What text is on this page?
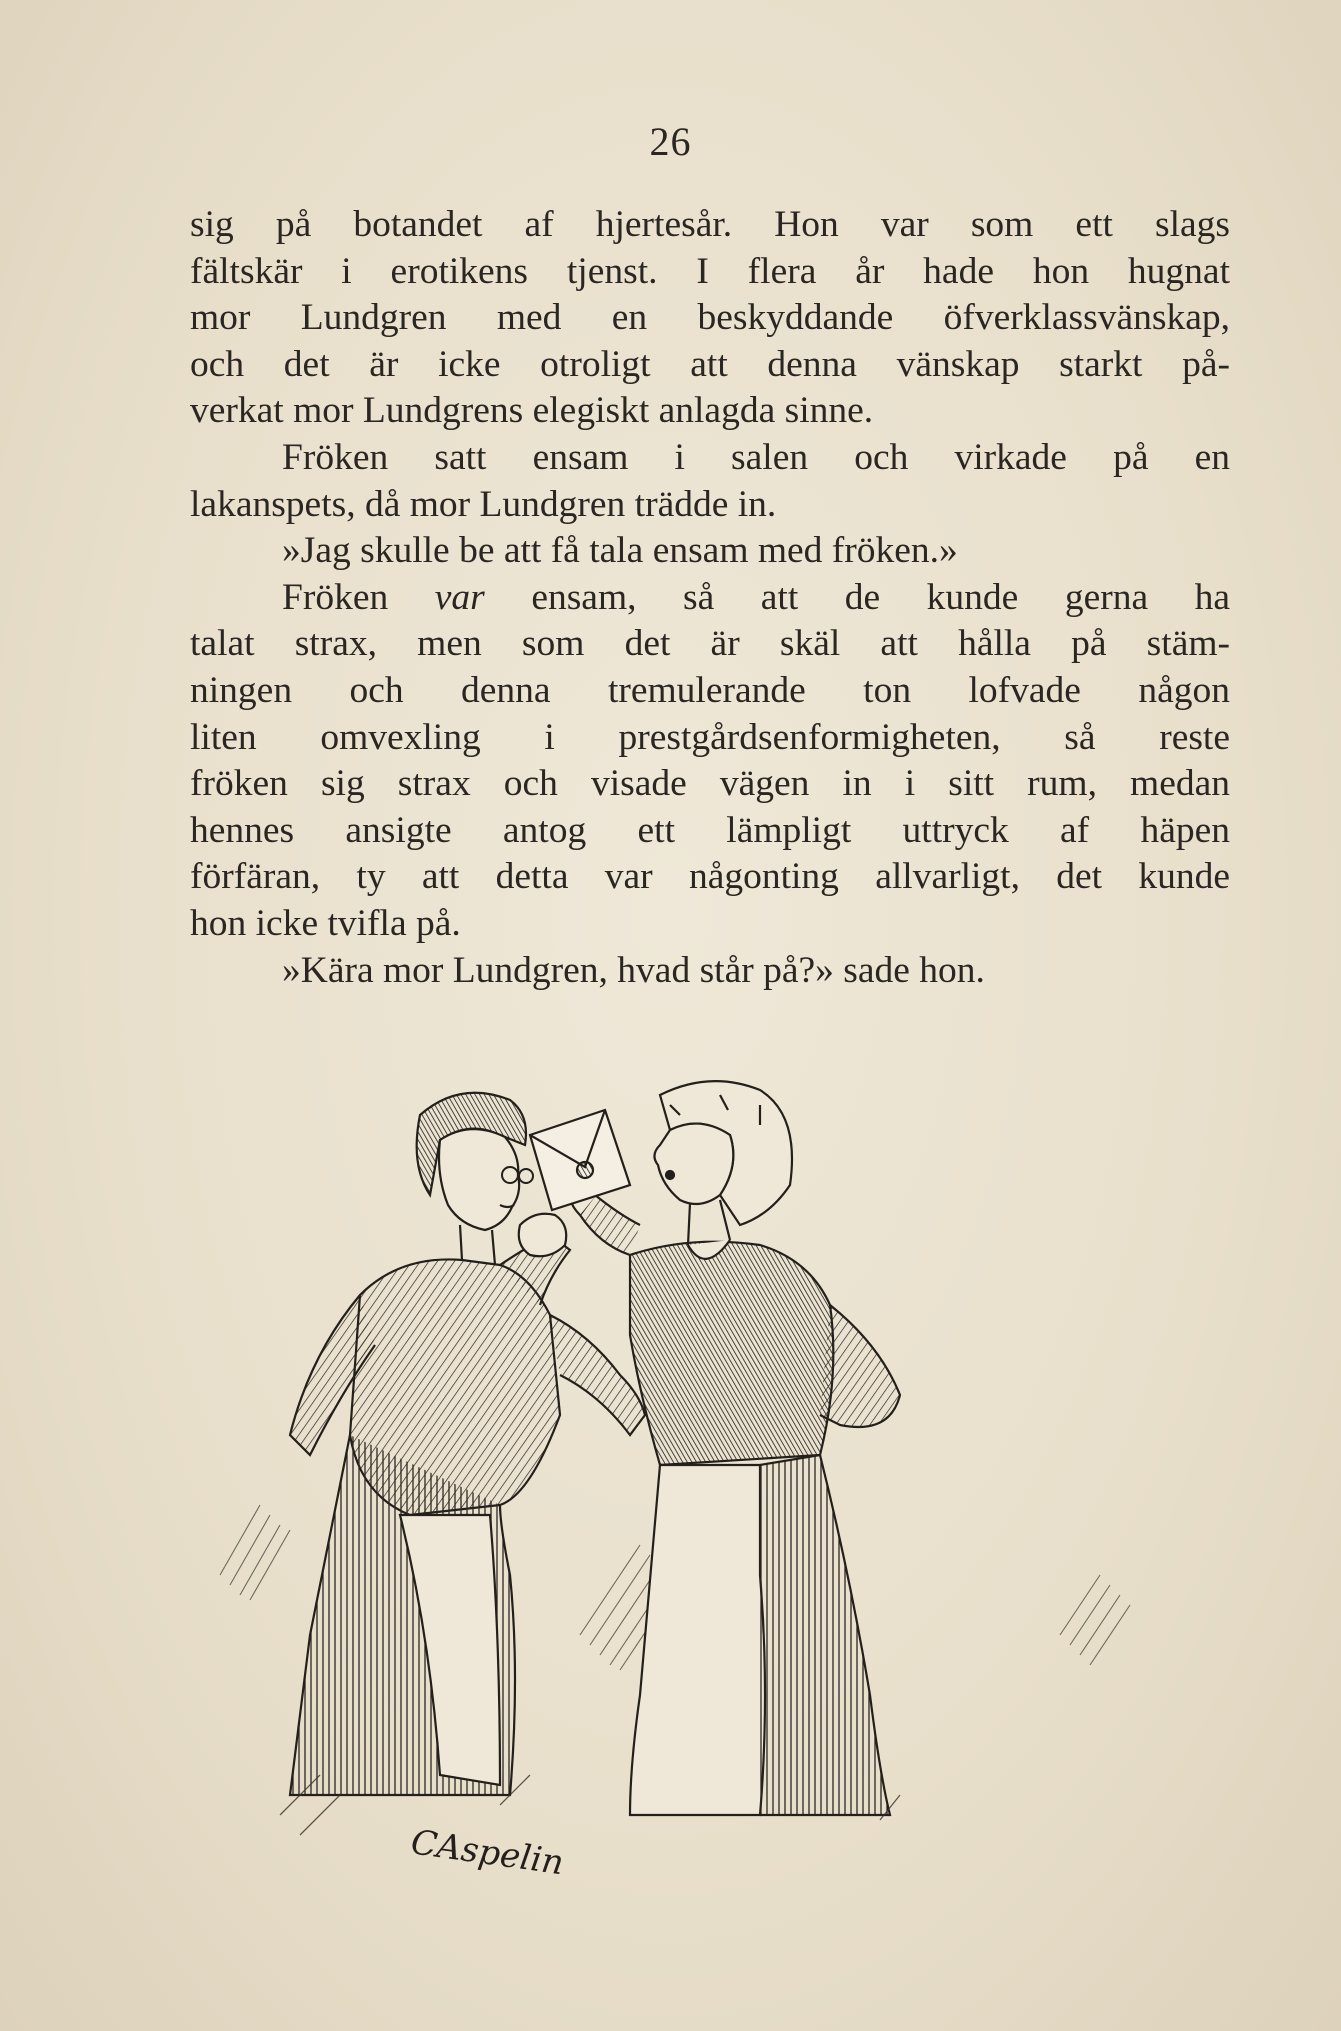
26
sig på botandet af hjertesår. Hon var som ett slags
fältskär i erotikens tjenst. I flera år hade hon hugnat
mor Lundgren med en beskyddande öfverklassvänskap,
och det är icke otroligt att denna vänskap starkt på-
verkat mor Lundgrens elegiskt anlagda sinne.
Fröken satt ensam i salen och virkade på en
lakanspets, då mor Lundgren trädde in.
»Jag skulle be att få tala ensam med fröken.»
Fröken var ensam, så att de kunde gerna ha
talat strax, men som det är skäl att hålla på stäm-
ningen och denna tremulerande ton lofvade någon
liten omvexling i prestgårdsenformigheten, så reste
fröken sig strax och visade vägen in i sitt rum, medan
hennes ansigte antog ett lämpligt uttryck af häpen
förfäran, ty att detta var någonting allvarligt, det kunde
hon icke tvifla på.
»Kära mor Lundgren, hvad står på?» sade hon.
CAspelin
